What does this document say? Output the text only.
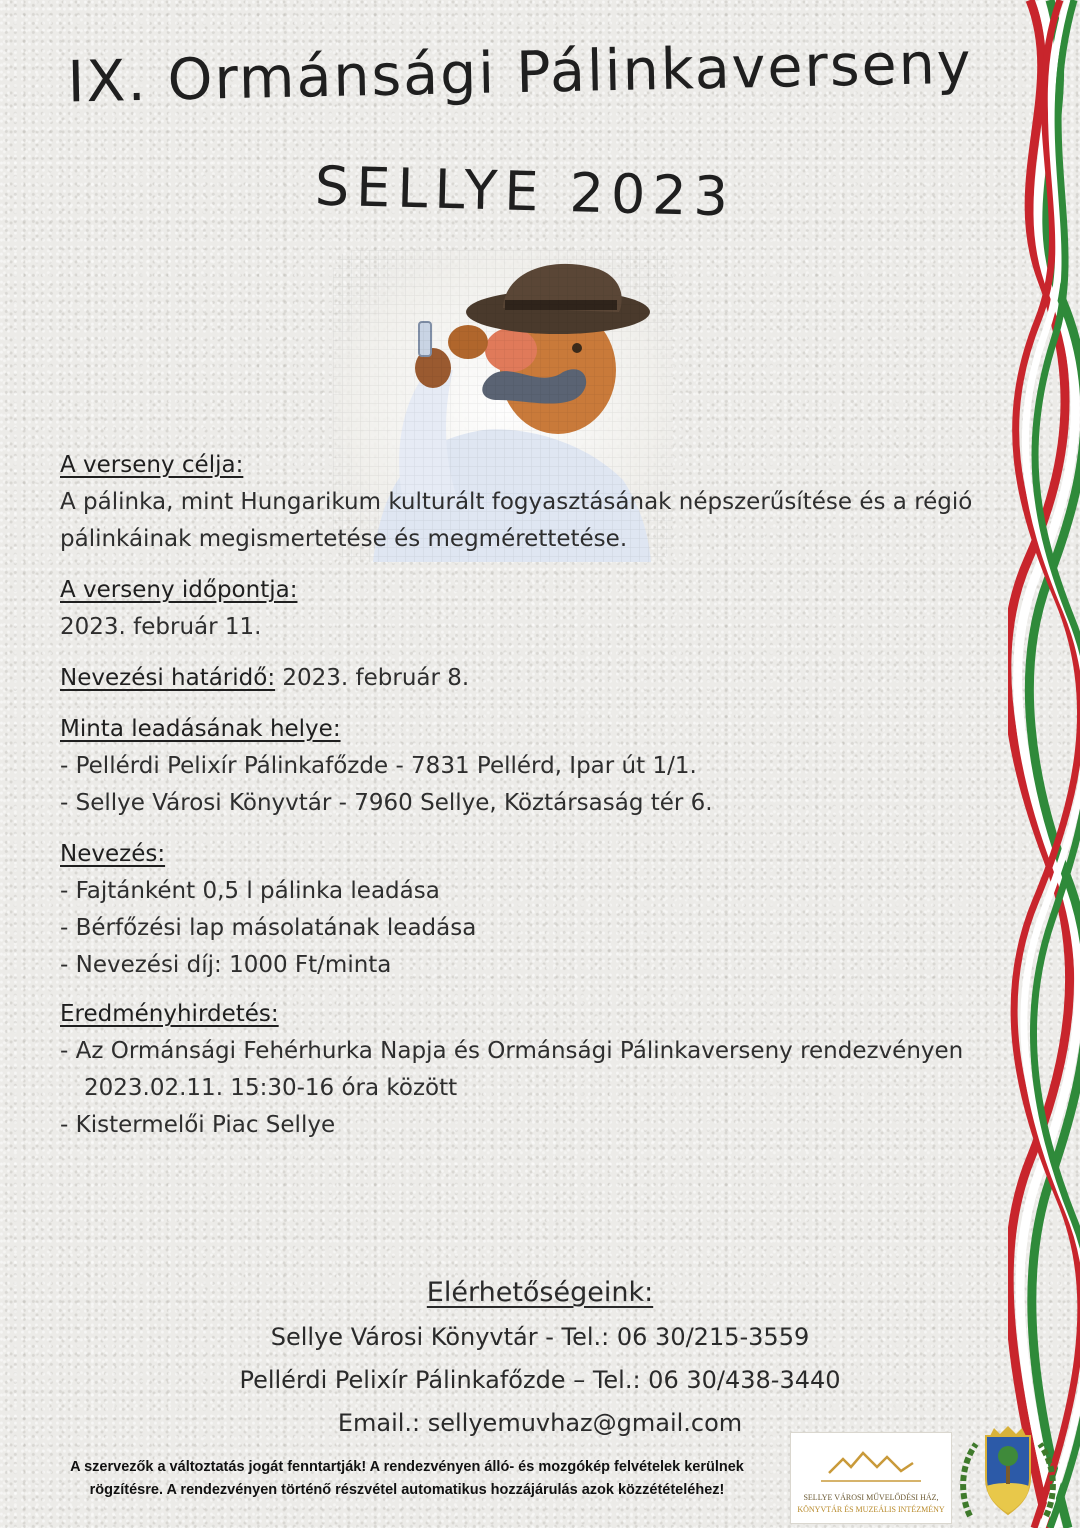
IX. Ormánsági Pálinkaverseny
SELLYE 2023
A verseny célja:
A pálinka, mint Hungarikum kulturált fogyasztásának népszerűsítése és a régió
pálinkáinak megismertetése és megmérettetése.
A verseny időpontja:
2023. február 11.
Nevezési határidő: 2023. február 8.
Minta leadásának helye:
- Pellérdi Pelixír Pálinkafőzde - 7831 Pellérd, Ipar út 1/1.
- Sellye Városi Könyvtár - 7960 Sellye, Köztársaság tér 6.
Nevezés:
- Fajtánként 0,5 l pálinka leadása
- Bérfőzési lap másolatának leadása
- Nevezési díj: 1000 Ft/minta
Eredményhirdetés:
- Az Ormánsági Fehérhurka Napja és Ormánsági Pálinkaverseny rendezvényen
2023.02.11. 15:30-16 óra között
- Kistermelői Piac Sellye
Elérhetőségeink:
Sellye Városi Könyvtár - Tel.: 06 30/215-3559
Pellérdi Pelixír Pálinkafőzde – Tel.: 06 30/438-3440
Email.: sellyemuvhaz@gmail.com
A szervezők a változtatás jogát fenntartják! A rendezvényen álló- és mozgókép felvételek kerülnek
rögzítésre. A rendezvényen történő részvétel automatikus hozzájárulás azok közzétételéhez!	SELLYE VÁROSI MŰVELŐDÉSI HÁZ,
KÖNYVTÁR ÉS MUZEÁLIS INTÉZMÉNY
